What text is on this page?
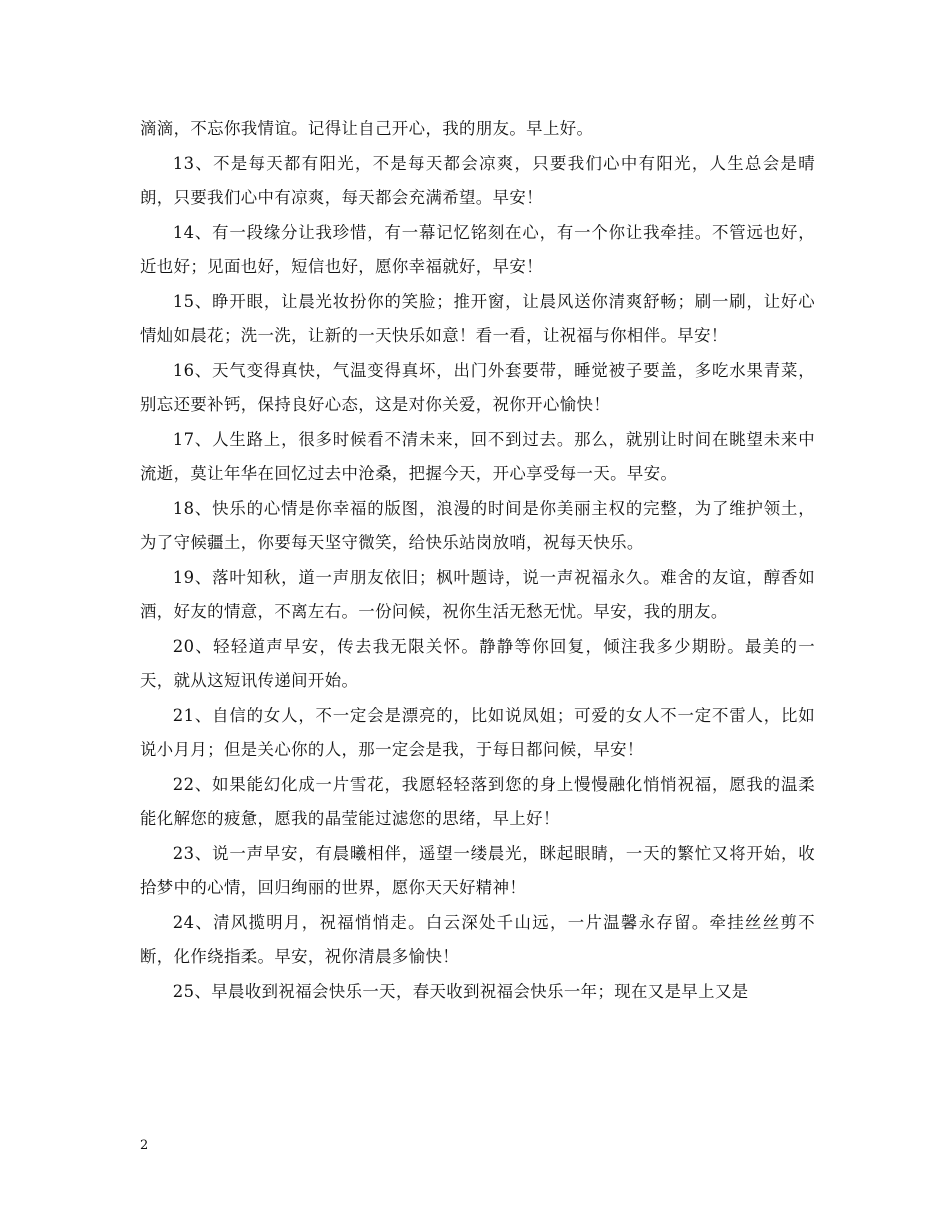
滴滴，不忘你我情谊。记得让自己开心，我的朋友。早上好。

13、不是每天都有阳光，不是每天都会凉爽，只要我们心中有阳光，人生总会是晴朗，只要我们心中有凉爽，每天都会充满希望。早安！

14、有一段缘分让我珍惜，有一幕记忆铭刻在心，有一个你让我牵挂。不管远也好，近也好；见面也好，短信也好，愿你幸福就好，早安！

15、睁开眼，让晨光妆扮你的笑脸；推开窗，让晨风送你清爽舒畅；刷一刷，让好心情灿如晨花；洗一洗，让新的一天快乐如意！看一看，让祝福与你相伴。早安！

16、天气变得真快，气温变得真坏，出门外套要带，睡觉被子要盖，多吃水果青菜，别忘还要补钙，保持良好心态，这是对你关爱，祝你开心愉快！

17、人生路上，很多时候看不清未来，回不到过去。那么，就别让时间在眺望未来中流逝，莫让年华在回忆过去中沧桑，把握今天，开心享受每一天。早安。

18、快乐的心情是你幸福的版图，浪漫的时间是你美丽主权的完整，为了维护领土，为了守候疆土，你要每天坚守微笑，给快乐站岗放哨，祝每天快乐。

19、落叶知秋，道一声朋友依旧；枫叶题诗，说一声祝福永久。难舍的友谊，醇香如酒，好友的情意，不离左右。一份问候，祝你生活无愁无忧。早安，我的朋友。

20、轻轻道声早安，传去我无限关怀。静静等你回复，倾注我多少期盼。最美的一天，就从这短讯传递间开始。

21、自信的女人，不一定会是漂亮的，比如说凤姐；可爱的女人不一定不雷人，比如说小月月；但是关心你的人，那一定会是我，于每日都问候，早安！

22、如果能幻化成一片雪花，我愿轻轻落到您的身上慢慢融化悄悄祝福，愿我的温柔能化解您的疲惫，愿我的晶莹能过滤您的思绪，早上好！

23、说一声早安，有晨曦相伴，遥望一缕晨光，眯起眼睛，一天的繁忙又将开始，收拾梦中的心情，回归绚丽的世界，愿你天天好精神！

24、清风揽明月，祝福悄悄走。白云深处千山远，一片温馨永存留。牵挂丝丝剪不断，化作绕指柔。早安，祝你清晨多愉快！

25、早晨收到祝福会快乐一天，春天收到祝福会快乐一年；现在又是早上又是

2
